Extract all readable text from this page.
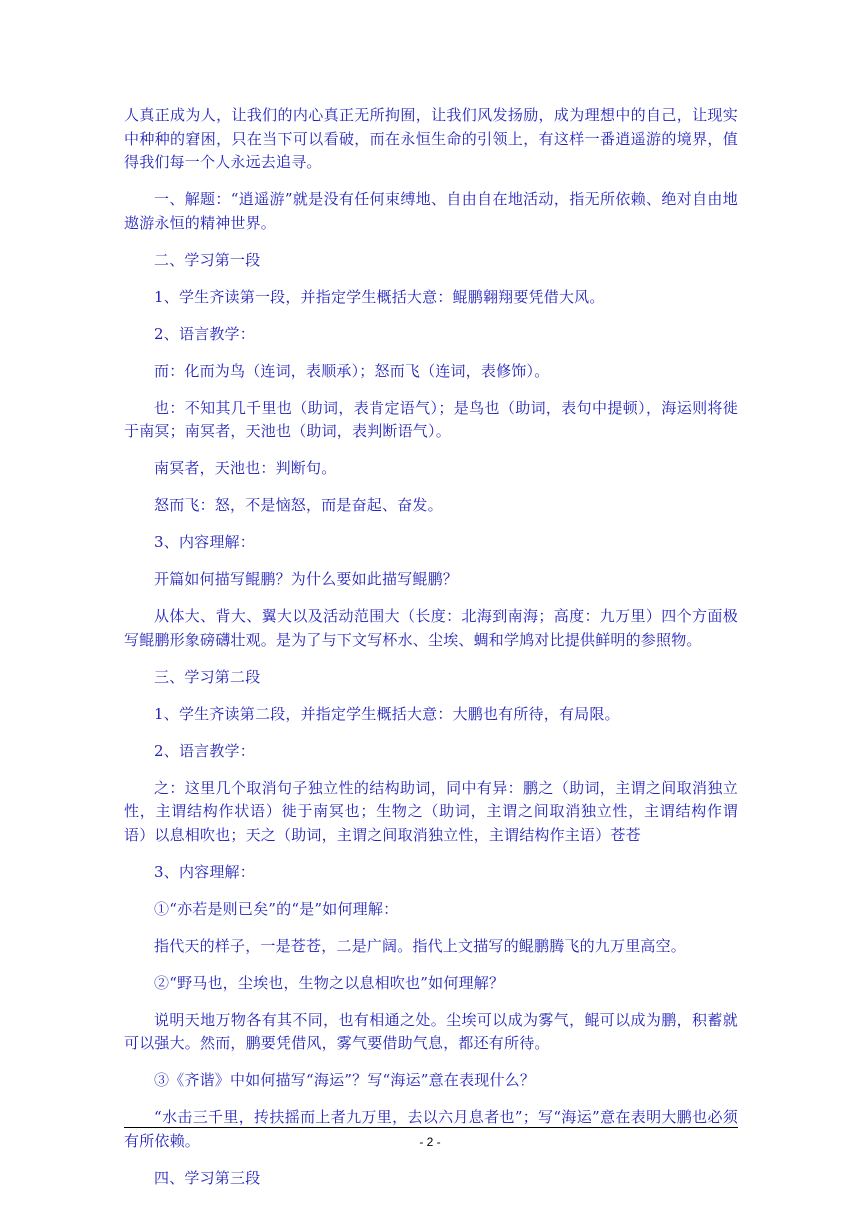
人真正成为人，让我们的内心真正无所拘囿，让我们风发扬励，成为理想中的自己，让现实中种种的窘困，只在当下可以看破，而在永恒生命的引领上，有这样一番逍遥游的境界，值得我们每一个人永远去追寻。

一、解题：“逍遥游”就是没有任何束缚地、自由自在地活动，指无所依赖、绝对自由地遨游永恒的精神世界。

二、学习第一段

1、学生齐读第一段，并指定学生概括大意：鲲鹏翱翔要凭借大风。

2、语言教学：

而：化而为鸟（连词，表顺承）；怒而飞（连词，表修饰）。

也：不知其几千里也（助词，表肯定语气）；是鸟也（助词，表句中提顿），海运则将徙于南冥；南冥者，天池也（助词，表判断语气）。

南冥者，天池也：判断句。

怒而飞：怒，不是恼怒，而是奋起、奋发。

3、内容理解：

开篇如何描写鲲鹏？为什么要如此描写鲲鹏？

从体大、背大、翼大以及活动范围大（长度：北海到南海；高度：九万里）四个方面极写鲲鹏形象磅礴壮观。是为了与下文写杯水、尘埃、蜩和学鸠对比提供鲜明的参照物。

三、学习第二段

1、学生齐读第二段，并指定学生概括大意：大鹏也有所待，有局限。

2、语言教学：

之：这里几个取消句子独立性的结构助词，同中有异：鹏之（助词，主谓之间取消独立性，主谓结构作状语）徙于南冥也；生物之（助词，主谓之间取消独立性，主谓结构作谓语）以息相吹也；天之（助词，主谓之间取消独立性，主谓结构作主语）苍苍

3、内容理解：

①“亦若是则已矣”的“是”如何理解：

指代天的样子，一是苍苍，二是广阔。指代上文描写的鲲鹏腾飞的九万里高空。

②“野马也，尘埃也，生物之以息相吹也”如何理解？

说明天地万物各有其不同，也有相通之处。尘埃可以成为雾气，鲲可以成为鹏，积蓄就可以强大。然而，鹏要凭借风，雾气要借助气息，都还有所待。

③《齐谐》中如何描写“海运”？写“海运”意在表现什么？

“水击三千里，抟扶摇而上者九万里，去以六月息者也”；写“海运”意在表明大鹏也必须有所依赖。

四、学习第三段

- 2 -
